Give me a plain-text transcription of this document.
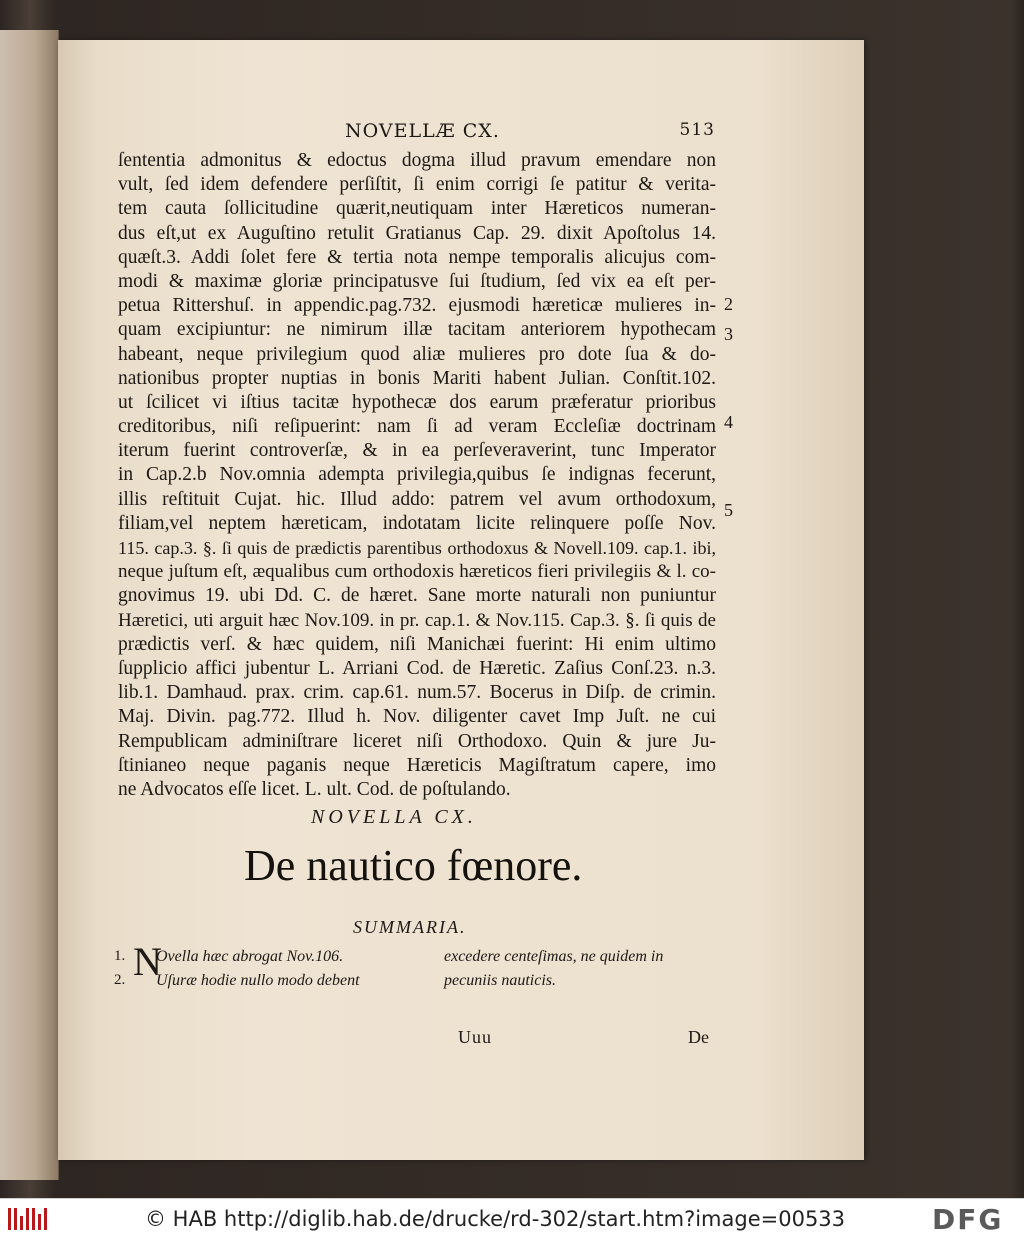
NOVELLÆ CX.	513
ſententia admonitus & edoctus dogma illud pravum emendare non
vult, ſed idem defendere perſiſtit, ſi enim corrigi ſe patitur & verita-
tem cauta ſollicitudine quærit,neutiquam inter Hæreticos numeran-
dus eſt,ut ex Auguſtino retulit Gratianus Cap. 29. dixit Apoſtolus 14.
quæſt.3. Addi ſolet fere & tertia nota nempe temporalis alicujus com-
modi & maximæ gloriæ principatusve ſui ſtudium, ſed vix ea eſt per-
petua Rittershuſ. in appendic.pag.732. ejusmodi hæreticæ mulieres in-
quam excipiuntur: ne nimirum illæ tacitam anteriorem hypothecam
habeant, neque privilegium quod aliæ mulieres pro dote ſua & do-
nationibus propter nuptias in bonis Mariti habent Julian. Conſtit.102.
ut ſcilicet vi iſtius tacitæ hypothecæ dos earum præferatur prioribus
creditoribus, niſi reſipuerint: nam ſi ad veram Eccleſiæ doctrinam
iterum fuerint controverſæ, & in ea perſeveraverint, tunc Imperator
in Cap.2.b Nov.omnia adempta privilegia,quibus ſe indignas fecerunt,
illis reſtituit Cujat. hic. Illud addo: patrem vel avum orthodoxum,
filiam,vel neptem hæreticam, indotatam licite relinquere poſſe Nov.
115. cap.3. §. ſi quis de prædictis parentibus orthodoxus & Novell.109. cap.1. ibi,
neque juſtum eſt, æqualibus cum orthodoxis hæreticos fieri privilegiis & l. co-
gnovimus 19. ubi Dd. C. de hæret. Sane morte naturali non puniuntur
Hæretici, uti arguit hæc Nov.109. in pr. cap.1. & Nov.115. Cap.3. §. ſi quis de
prædictis verſ. & hæc quidem, niſi Manichæi fuerint: Hi enim ultimo
ſupplicio affici jubentur L. Arriani Cod. de Hæretic. Zaſius Conſ.23. n.3.
lib.1. Damhaud. prax. crim. cap.61. num.57. Bocerus in Diſp. de crimin.
Maj. Divin. pag.772. Illud h. Nov. diligenter cavet Imp Juſt. ne cui
Rempublicam adminiſtrare liceret niſi Orthodoxo. Quin & jure Ju-
ſtinianeo neque paganis neque Hæreticis Magiſtratum capere, imo
ne Advocatos eſſe licet. L. ult. Cod. de poſtulando.
2
3
4
5
NOVELLA CX.
De nautico fœnore.
SUMMARIA.
N
1. Ovella hæc abrogat Nov.106.	excedere centeſimas, ne quidem in
2. Uſuræ hodie nullo modo debent	pecuniis nauticis.
Uuu	De
© HAB http://diglib.hab.de/drucke/rd-302/start.htm?image=00533	DFG
